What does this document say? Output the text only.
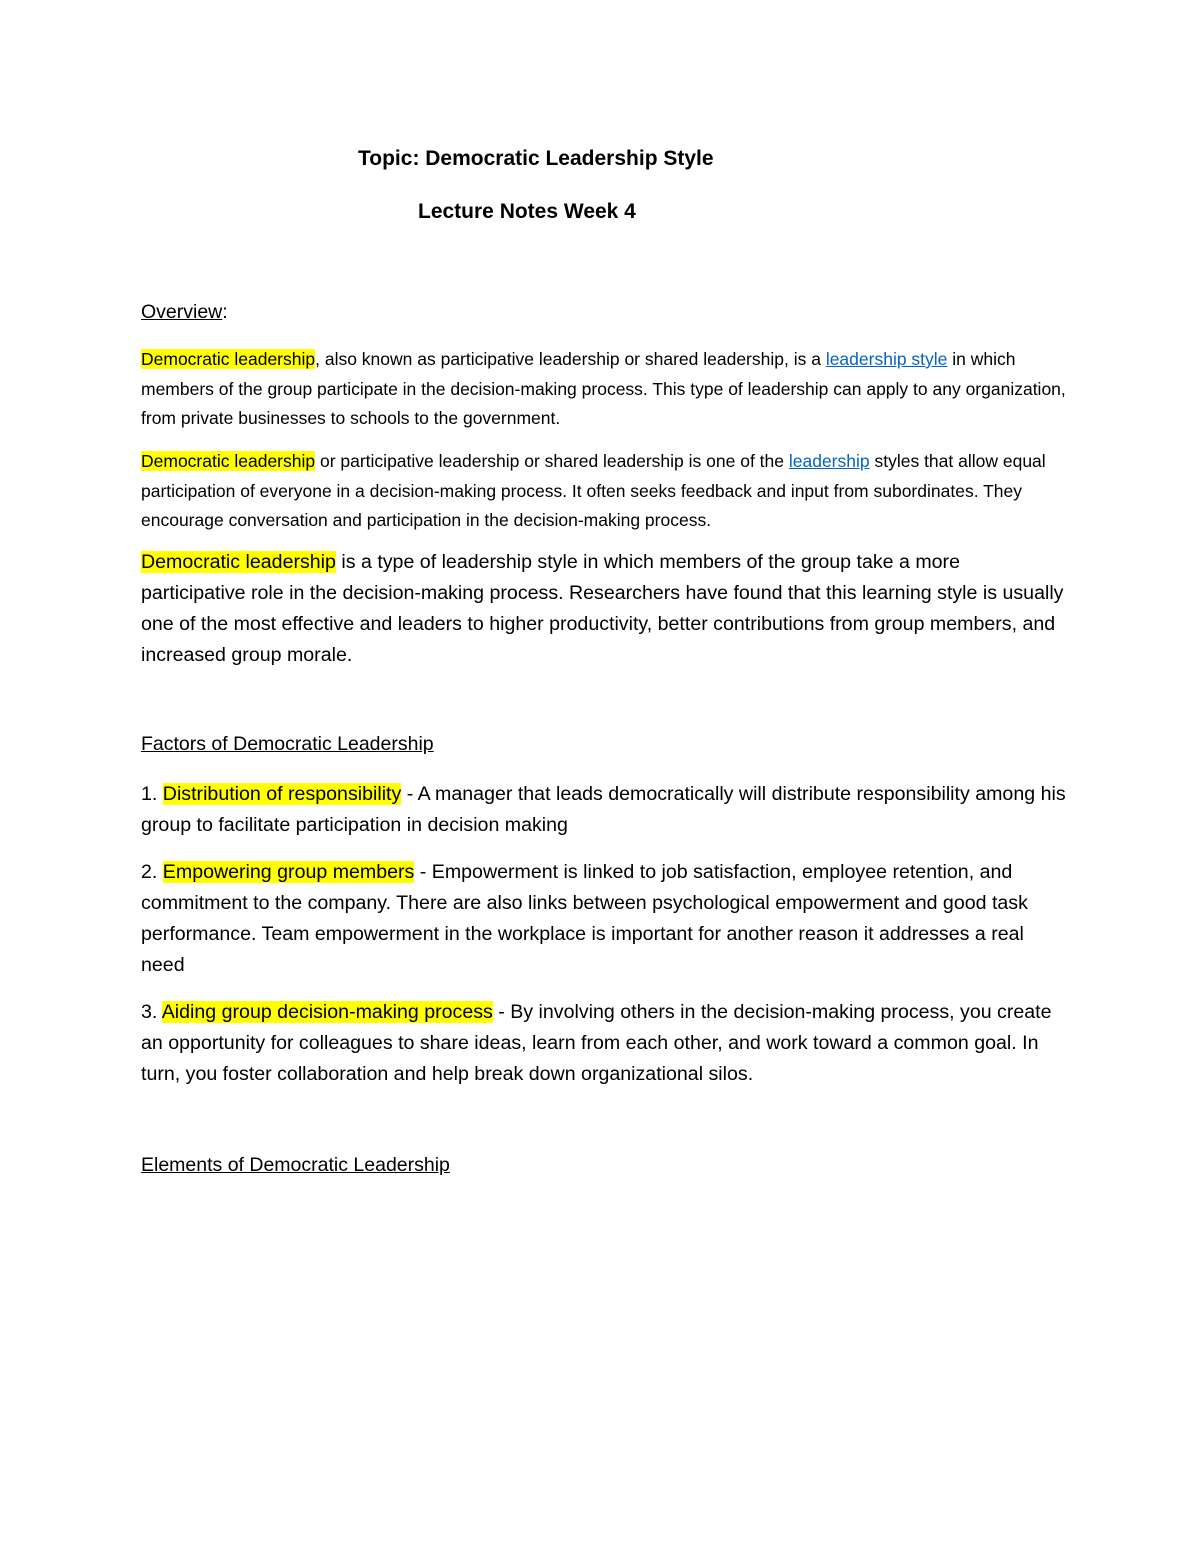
Topic: Democratic Leadership Style
Lecture Notes Week 4
Overview:

Democratic leadership, also known as participative leadership or shared leadership, is a leadership style in which members of the group participate in the decision-making process. This type of leadership can apply to any organization, from private businesses to schools to the government.

Democratic leadership or participative leadership or shared leadership is one of the leadership styles that allow equal participation of everyone in a decision-making process. It often seeks feedback and input from subordinates. They encourage conversation and participation in the decision-making process.

Democratic leadership is a type of leadership style in which members of the group take a more participative role in the decision-making process. Researchers have found that this learning style is usually one of the most effective and leaders to higher productivity, better contributions from group members, and increased group morale.

Factors of Democratic Leadership

1. Distribution of responsibility - A manager that leads democratically will distribute responsibility among his group to facilitate participation in decision making

2. Empowering group members - Empowerment is linked to job satisfaction, employee retention, and commitment to the company. There are also links between psychological empowerment and good task performance. Team empowerment in the workplace is important for another reason it addresses a real need

3. Aiding group decision-making process - By involving others in the decision-making process, you create an opportunity for colleagues to share ideas, learn from each other, and work toward a common goal. In turn, you foster collaboration and help break down organizational silos.

Elements of Democratic Leadership
